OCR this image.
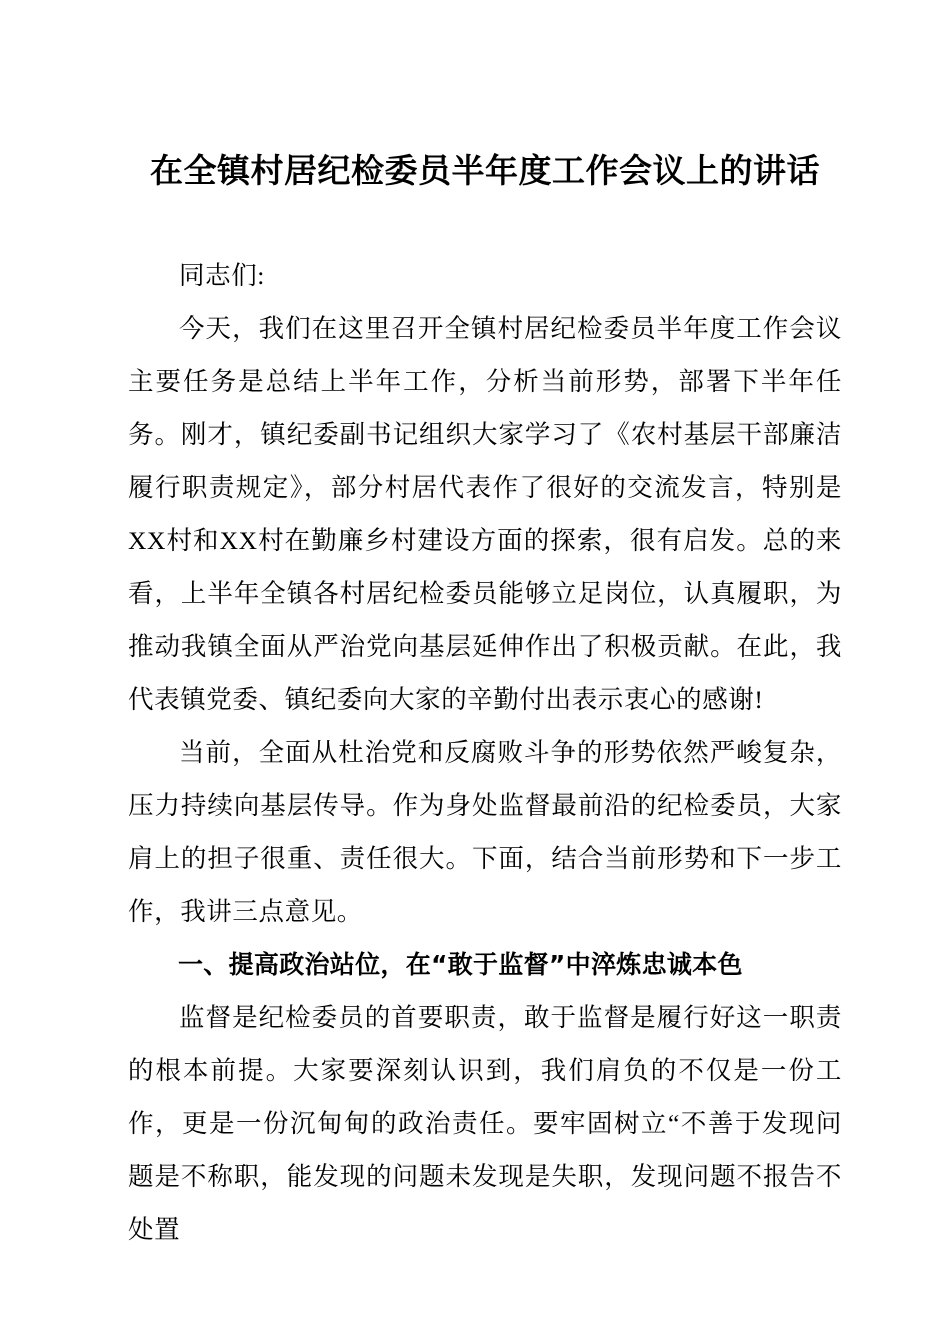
在全镇村居纪检委员半年度工作会议上的讲话

同志们:

今天，我们在这里召开全镇村居纪检委员半年度工作会议主要任务是总结上半年工作，分析当前形势，部署下半年任务。刚才，镇纪委副书记组织大家学习了《农村基层干部廉洁履行职责规定》，部分村居代表作了很好的交流发言，特别是XX村和XX村在勤廉乡村建设方面的探索，很有启发。总的来看，上半年全镇各村居纪检委员能够立足岗位，认真履职，为推动我镇全面从严治党向基层延伸作出了积极贡献。在此，我代表镇党委、镇纪委向大家的辛勤付出表示衷心的感谢!

当前，全面从杜治党和反腐败斗争的形势依然严峻复杂，压力持续向基层传导。作为身处监督最前沿的纪检委员，大家肩上的担子很重、责任很大。下面，结合当前形势和下一步工作，我讲三点意见。

一、提高政治站位，在“敢于监督”中淬炼忠诚本色

监督是纪检委员的首要职责，敢于监督是履行好这一职责的根本前提。大家要深刻认识到，我们肩负的不仅是一份工作，更是一份沉甸甸的政治责任。要牢固树立“不善于发现问题是不称职，能发现的问题未发现是失职，发现问题不报告不处置
